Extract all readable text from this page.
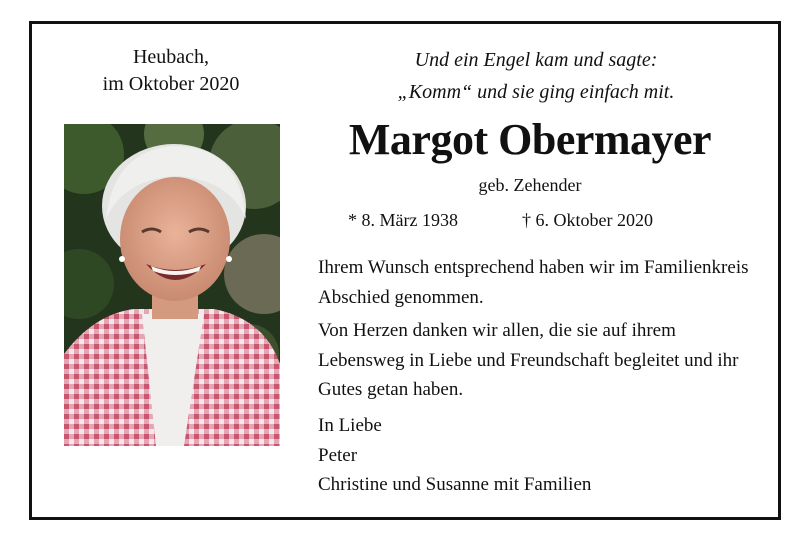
Heubach,
im Oktober 2020
Und ein Engel kam und sagte:
„Komm“ und sie ging einfach mit.
Margot Obermayer
geb. Zehender
* 8. März 1938	† 6. Oktober 2020

Ihrem Wunsch entsprechend haben wir im Familienkreis Abschied genommen.

Von Herzen danken wir allen, die sie auf ihrem Lebensweg in Liebe und Freundschaft begleitet und ihr Gutes getan haben.

In Liebe
Peter
Christine und Susanne mit Familien
